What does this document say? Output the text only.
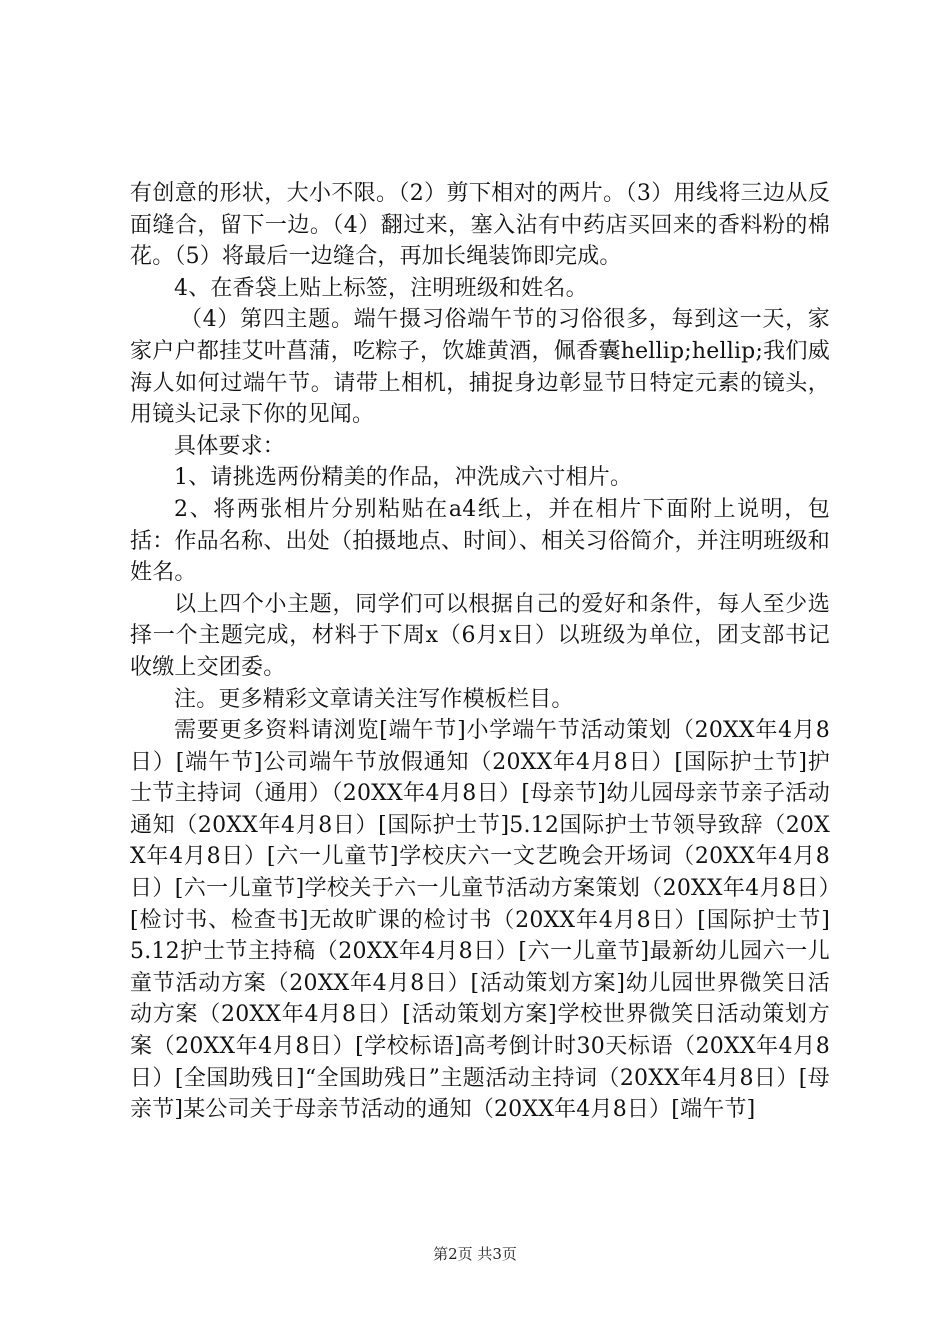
有创意的形状，大小不限。（2）剪下相对的两片。（3）用线将三边从反面缝合，留下一边。（4）翻过来，塞入沾有中药店买回来的香料粉的棉花。（5）将最后一边缝合，再加长绳装饰即完成。

4、在香袋上贴上标签，注明班级和姓名。

（4）第四主题。端午摄习俗端午节的习俗很多，每到这一天，家家户户都挂艾叶菖蒲，吃粽子，饮雄黄酒，佩香囊hellip;hellip;我们威海人如何过端午节。请带上相机，捕捉身边彰显节日特定元素的镜头，用镜头记录下你的见闻。

具体要求：

1、请挑选两份精美的作品，冲洗成六寸相片。

2、将两张相片分别粘贴在a4纸上，并在相片下面附上说明，包括：作品名称、出处（拍摄地点、时间）、相关习俗简介，并注明班级和姓名。

以上四个小主题，同学们可以根据自己的爱好和条件，每人至少选择一个主题完成，材料于下周x（6月x日）以班级为单位，团支部书记收缴上交团委。

注。更多精彩文章请关注写作模板栏目。

需要更多资料请浏览[端午节]小学端午节活动策划（20XX年4月8日）[端午节]公司端午节放假通知（20XX年4月8日）[国际护士节]护士节主持词（通用）（20XX年4月8日）[母亲节]幼儿园母亲节亲子活动通知（20XX年4月8日）[国际护士节]5.12国际护士节领导致辞（20XX年4月8日）[六一儿童节]学校庆六一文艺晚会开场词（20XX年4月8日）[六一儿童节]学校关于六一儿童节活动方案策划（20XX年4月8日）[检讨书、检查书]无故旷课的检讨书（20XX年4月8日）[国际护士节]5.12护士节主持稿（20XX年4月8日）[六一儿童节]最新幼儿园六一儿童节活动方案（20XX年4月8日）[活动策划方案]幼儿园世界微笑日活动方案（20XX年4月8日）[活动策划方案]学校世界微笑日活动策划方案（20XX年4月8日）[学校标语]高考倒计时30天标语（20XX年4月8日）[全国助残日]“全国助残日”主题活动主持词（20XX年4月8日）[母亲节]某公司关于母亲节活动的通知（20XX年4月8日）[端午节]

第2页 共3页
